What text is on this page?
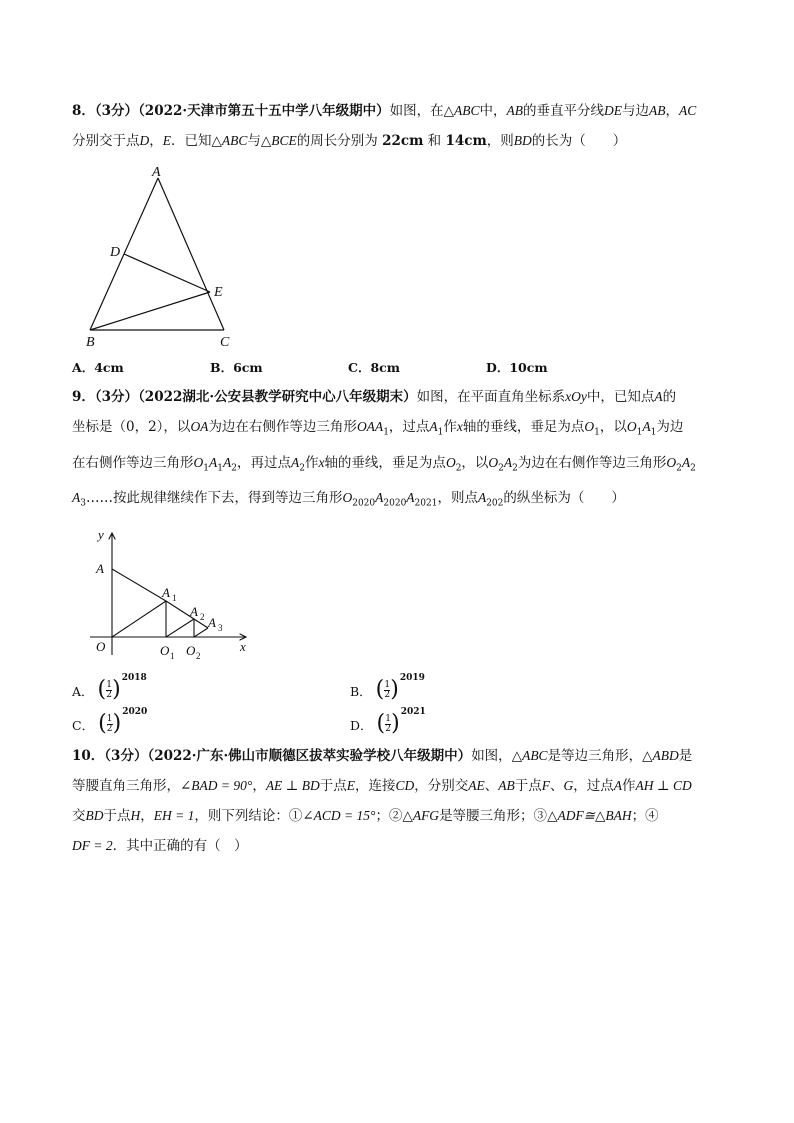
8．（3分）（2022·天津市第五十五中学八年级期中）如图，在△ABC中，AB的垂直平分线DE与边AB，AC
分别交于点D，E．已知△ABC与△BCE的周长分别为 22cm 和 14cm，则BD的长为（　　）
A
B	C
D
E
A．4cm	B．6cm	C．8cm	D．10cm
9．（3分）（2022湖北·公安县教学研究中心八年级期末）如图，在平面直角坐标系xOy中，已知点A的
坐标是（0，2），以OA为边在右侧作等边三角形$OAA_1$，过点$A_1$作x轴的垂线，垂足为点$O_1$，以$O_1A_1$为边
在右侧作等边三角形$O_1A_1A_2$，再过点$A_2$作x轴的垂线，垂足为点$O_2$，以$O_2A_2$为边在右侧作等边三角形$O_2A_2$
$A_3\dots\dots$按此规律继续作下去，得到等边三角形$O_{2020}A_{2020}A_{2021}$，则点$A_{202}$的纵坐标为（　　）
y
x
O
A
A 1
A 2 A 3
O 1 O 2
A． ( $\frac{1}{2}$ ) 2018
B． ( $\frac{1}{2}$ ) 2019
C． ( $\frac{1}{2}$ ) 2020
D． ( $\frac{1}{2}$ ) 2021
10．（3分）（2022·广东·佛山市顺德区拔萃实验学校八年级期中）如图，△ABC是等边三角形，△ABD是
等腰直角三角形，∠BAD = 90°，AE ⊥ BD于点E，连接CD，分别交AE、AB于点F、G，过点A作AH ⊥ CD
交BD于点H，EH = 1，则下列结论：①∠ACD = 15°；②△AFG是等腰三角形；③△ADF≅△BAH；④
DF = 2．其中正确的有（　）
